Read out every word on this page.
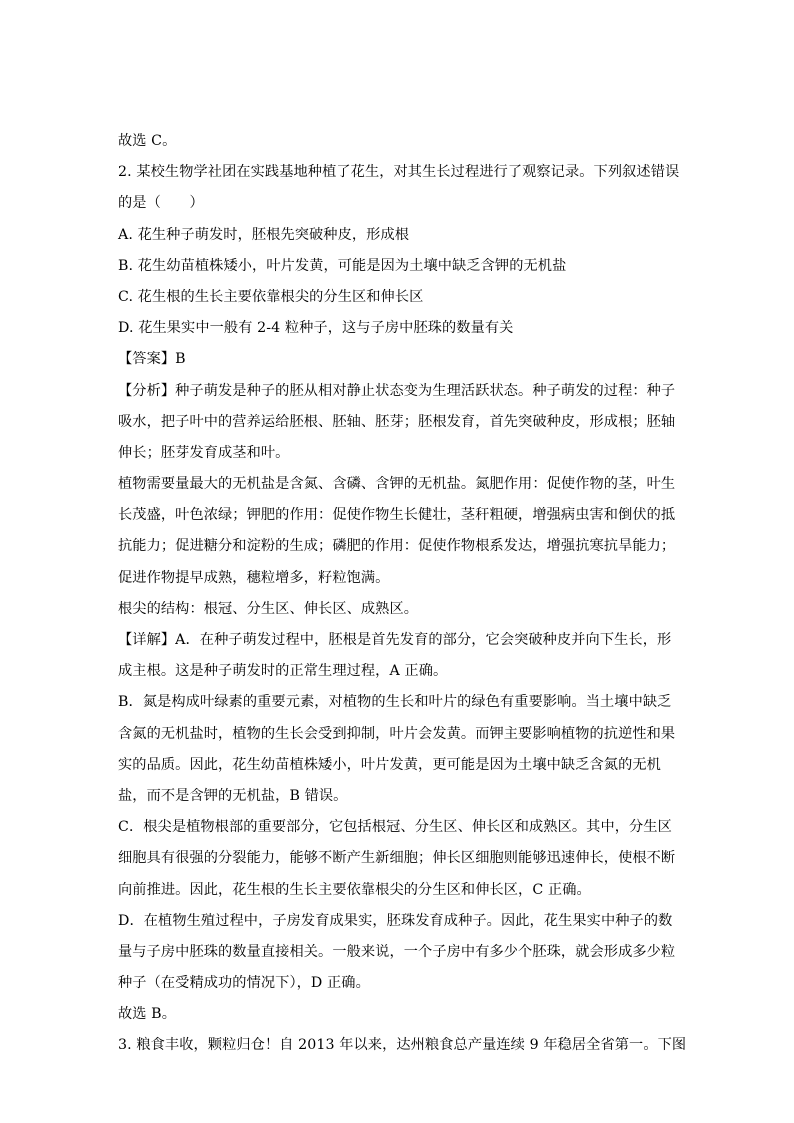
故选 C。
2. 某校生物学社团在实践基地种植了花生，对其生长过程进行了观察记录。下列叙述错误
的是（　　）
A. 花生种子萌发时，胚根先突破种皮，形成根
B. 花生幼苗植株矮小，叶片发黄，可能是因为土壤中缺乏含钾的无机盐
C. 花生根的生长主要依靠根尖的分生区和伸长区
D. 花生果实中一般有 2-4 粒种子，这与子房中胚珠的数量有关
【答案】B
【分析】种子萌发是种子的胚从相对静止状态变为生理活跃状态。种子萌发的过程：种子
吸水，把子叶中的营养运给胚根、胚轴、胚芽；胚根发育，首先突破种皮，形成根；胚轴
伸长；胚芽发育成茎和叶。
植物需要量最大的无机盐是含氮、含磷、含钾的无机盐。氮肥作用：促使作物的茎，叶生
长茂盛，叶色浓绿；钾肥的作用：促使作物生长健壮，茎秆粗硬，增强病虫害和倒伏的抵
抗能力；促进糖分和淀粉的生成；磷肥的作用：促使作物根系发达，增强抗寒抗旱能力；
促进作物提早成熟，穗粒增多，籽粒饱满。
根尖的结构：根冠、分生区、伸长区、成熟区。
【详解】A．在种子萌发过程中，胚根是首先发育的部分，它会突破种皮并向下生长，形
成主根。这是种子萌发时的正常生理过程，A 正确。
B．氮是构成叶绿素的重要元素，对植物的生长和叶片的绿色有重要影响。当土壤中缺乏
含氮的无机盐时，植物的生长会受到抑制，叶片会发黄。而钾主要影响植物的抗逆性和果
实的品质。因此，花生幼苗植株矮小，叶片发黄，更可能是因为土壤中缺乏含氮的无机
盐，而不是含钾的无机盐，B 错误。
C．根尖是植物根部的重要部分，它包括根冠、分生区、伸长区和成熟区。其中，分生区
细胞具有很强的分裂能力，能够不断产生新细胞；伸长区细胞则能够迅速伸长，使根不断
向前推进。因此，花生根的生长主要依靠根尖的分生区和伸长区，C 正确。
D．在植物生殖过程中，子房发育成果实，胚珠发育成种子。因此，花生果实中种子的数
量与子房中胚珠的数量直接相关。一般来说，一个子房中有多少个胚珠，就会形成多少粒
种子（在受精成功的情况下），D 正确。
故选 B。
3. 粮食丰收，颗粒归仓！自 2013 年以来，达州粮食总产量连续 9 年稳居全省第一。下图
